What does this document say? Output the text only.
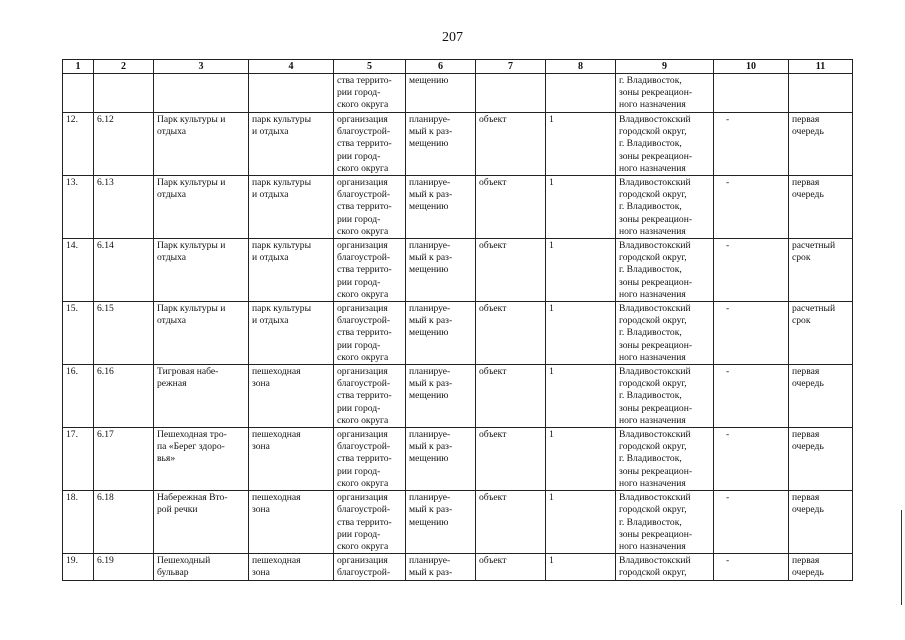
207
1	2	3	4	5	6	7	8	9	10	11
				ства террито-
рии город-
ского округа	мещению			г. Владивосток,
зоны рекреацион-
ного назначения		
12.	6.12	Парк культуры и
отдыха	парк культуры
и отдыха	организация
благоустрой-
ства террито-
рии город-
ского округа	планируе-
мый к раз-
мещению	объект	1	Владивостокский
городской округ,
г. Владивосток,
зоны рекреацион-
ного назначения	-	первая
очередь
13.	6.13	Парк культуры и
отдыха	парк культуры
и отдыха	организация
благоустрой-
ства террито-
рии город-
ского округа	планируе-
мый к раз-
мещению	объект	1	Владивостокский
городской округ,
г. Владивосток,
зоны рекреацион-
ного назначения	-	первая
очередь
14.	6.14	Парк культуры и
отдыха	парк культуры
и отдыха	организация
благоустрой-
ства террито-
рии город-
ского округа	планируе-
мый к раз-
мещению	объект	1	Владивостокский
городской округ,
г. Владивосток,
зоны рекреацион-
ного назначения	-	расчетный
срок
15.	6.15	Парк культуры и
отдыха	парк культуры
и отдыха	организация
благоустрой-
ства террито-
рии город-
ского округа	планируе-
мый к раз-
мещению	объект	1	Владивостокский
городской округ,
г. Владивосток,
зоны рекреацион-
ного назначения	-	расчетный
срок
16.	6.16	Тигровая набе-
режная	пешеходная
зона	организация
благоустрой-
ства террито-
рии город-
ского округа	планируе-
мый к раз-
мещению	объект	1	Владивостокский
городской округ,
г. Владивосток,
зоны рекреацион-
ного назначения	-	первая
очередь
17.	6.17	Пешеходная тро-
па «Берег здоро-
вья»	пешеходная
зона	организация
благоустрой-
ства террито-
рии город-
ского округа	планируе-
мый к раз-
мещению	объект	1	Владивостокский
городской округ,
г. Владивосток,
зоны рекреацион-
ного назначения	-	первая
очередь
18.	6.18	Набережная Вто-
рой речки	пешеходная
зона	организация
благоустрой-
ства террито-
рии город-
ского округа	планируе-
мый к раз-
мещению	объект	1	Владивостокский
городской округ,
г. Владивосток,
зоны рекреацион-
ного назначения	-	первая
очередь
19.	6.19	Пешеходный
бульвар	пешеходная
зона	организация
благоустрой-	планируе-
мый к раз-	объект	1	Владивостокский
городской округ,	-	первая
очередь
